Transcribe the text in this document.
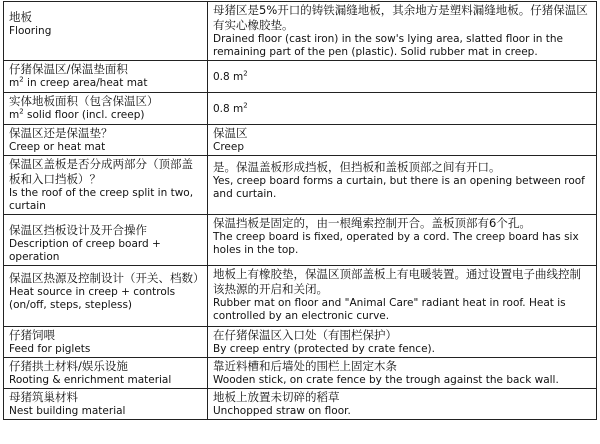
地板
Flooring	母猪区是5%开口的铸铁漏缝地板，其余地方是塑料漏缝地板。仔猪保温区有实心橡胶垫。
Drained floor (cast iron) in the sow's lying area, slatted floor in the remaining part of the pen (plastic). Solid rubber mat in creep.

仔猪保温区/保温垫面积
$m^2$ in creep area/heat mat	0.8 $m^2$

实体地板面积（包含保温区）
$m^2$ solid floor (incl. creep)	0.8 $m^2$

保温区还是保温垫？
Creep or heat mat	保温区
Creep

保温区盖板是否分成两部分（顶部盖板和入口挡板）？
Is the roof of the creep split in two, curtain	是。保温盖板形成挡板，但挡板和盖板顶部之间有开口。
Yes, creep board forms a curtain, but there is an opening between roof and curtain.

保温区挡板设计及开合操作
Description of creep board + operation	保温挡板是固定的，由一根绳索控制开合。盖板顶部有6个孔。
The creep board is fixed, operated by a cord. The creep board has six holes in the top.

保温区热源及控制设计（开关、档数）
Heat source in creep + controls (on/off, steps, stepless)	地板上有橡胶垫，保温区顶部盖板上有电暖装置。通过设置电子曲线控制该热源的开启和关闭。
Rubber mat on floor and "Animal Care" radiant heat in roof. Heat is controlled by an electronic curve.

仔猪饲喂
Feed for piglets	在仔猪保温区入口处（有围栏保护）
By creep entry (protected by crate fence).

仔猪拱土材料/娱乐设施
Rooting & enrichment material	靠近料槽和后墙处的围栏上固定木条
Wooden stick, on crate fence by the trough against the back wall.

母猪筑巢材料
Nest building material	地板上放置未切碎的稻草
Unchopped straw on floor.
